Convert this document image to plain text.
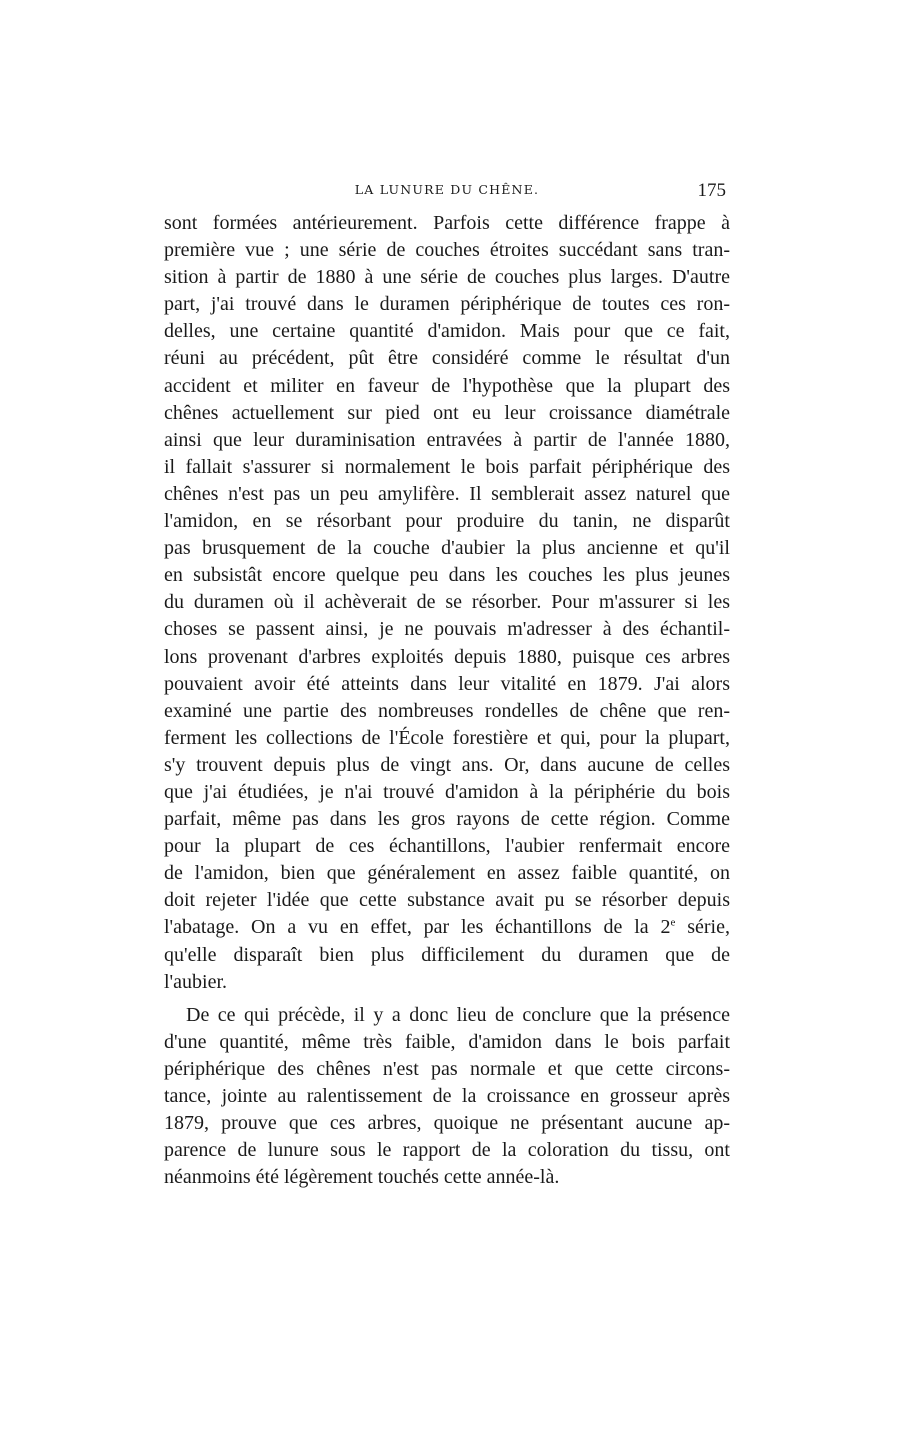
LA LUNURE DU CHÊNE.	175
sont formées antérieurement. Parfois cette différence frappe à
première vue ; une série de couches étroites succédant sans tran-
sition à partir de 1880 à une série de couches plus larges. D'autre
part, j'ai trouvé dans le duramen périphérique de toutes ces ron-
delles, une certaine quantité d'amidon. Mais pour que ce fait,
réuni au précédent, pût être considéré comme le résultat d'un
accident et militer en faveur de l'hypothèse que la plupart des
chênes actuellement sur pied ont eu leur croissance diamétrale
ainsi que leur duraminisation entravées à partir de l'année 1880,
il fallait s'assurer si normalement le bois parfait périphérique des
chênes n'est pas un peu amylifère. Il semblerait assez naturel que
l'amidon, en se résorbant pour produire du tanin, ne disparût
pas brusquement de la couche d'aubier la plus ancienne et qu'il
en subsistât encore quelque peu dans les couches les plus jeunes
du duramen où il achèverait de se résorber. Pour m'assurer si les
choses se passent ainsi, je ne pouvais m'adresser à des échantil-
lons provenant d'arbres exploités depuis 1880, puisque ces arbres
pouvaient avoir été atteints dans leur vitalité en 1879. J'ai alors
examiné une partie des nombreuses rondelles de chêne que ren-
ferment les collections de l'École forestière et qui, pour la plupart,
s'y trouvent depuis plus de vingt ans. Or, dans aucune de celles
que j'ai étudiées, je n'ai trouvé d'amidon à la périphérie du bois
parfait, même pas dans les gros rayons de cette région. Comme
pour la plupart de ces échantillons, l'aubier renfermait encore
de l'amidon, bien que généralement en assez faible quantité, on
doit rejeter l'idée que cette substance avait pu se résorber depuis
l'abatage. On a vu en effet, par les échantillons de la 2e série,
qu'elle disparaît bien plus difficilement du duramen que de
l'aubier.
De ce qui précède, il y a donc lieu de conclure que la présence
d'une quantité, même très faible, d'amidon dans le bois parfait
périphérique des chênes n'est pas normale et que cette circons-
tance, jointe au ralentissement de la croissance en grosseur après
1879, prouve que ces arbres, quoique ne présentant aucune ap-
parence de lunure sous le rapport de la coloration du tissu, ont
néanmoins été légèrement touchés cette année-là.
